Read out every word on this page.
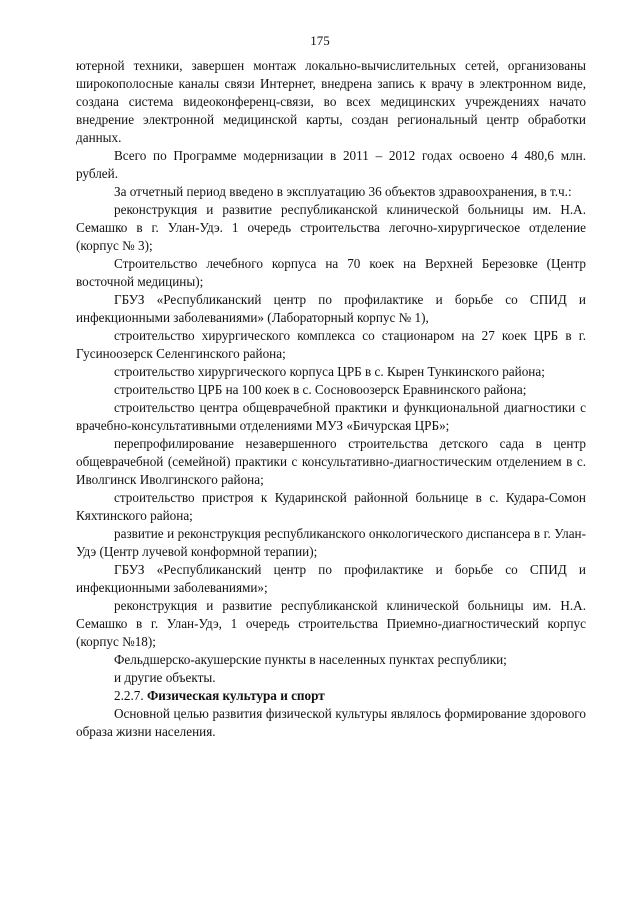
175

ютерной техники, завершен монтаж локально-вычислительных сетей, организованы широкополосные каналы связи Интернет, внедрена запись к врачу в электронном виде, создана система видеоконференц-связи, во всех медицинских учреждениях начато внедрение электронной медицинской карты, создан региональный центр обработки данных.

Всего по Программе модернизации в 2011 – 2012 годах освоено 4 480,6 млн. рублей.

За отчетный период введено в эксплуатацию 36 объектов здравоохранения, в т.ч.:

реконструкция и развитие республиканской клинической больницы им. Н.А. Семашко в г. Улан-Удэ. 1 очередь строительства легочно-хирургическое отделение (корпус № 3);

Строительство лечебного корпуса на 70 коек на Верхней Березовке (Центр восточной медицины);

ГБУЗ «Республиканский центр по профилактике и борьбе со СПИД и инфекционными заболеваниями» (Лабораторный корпус № 1),

строительство хирургического комплекса со стационаром на 27 коек ЦРБ в г. Гусиноозерск Селенгинского района;

строительство хирургического корпуса ЦРБ в с. Кырен Тункинского района;

строительство ЦРБ на 100 коек в с. Сосновоозерск Еравнинского района;

строительство центра общеврачебной практики и функциональной диагностики с врачебно-консультативными отделениями МУЗ «Бичурская ЦРБ»;

перепрофилирование незавершенного строительства детского сада в центр общеврачебной (семейной) практики с консультативно-диагностическим отделением в с. Иволгинск Иволгинского района;

строительство пристроя к Кударинской районной больнице в с. Кудара-Сомон Кяхтинского района;

развитие и реконструкция республиканского онкологического диспансера в г. Улан-Удэ (Центр лучевой конформной терапии);

ГБУЗ «Республиканский центр по профилактике и борьбе со СПИД и инфекционными заболеваниями»;

реконструкция и развитие республиканской клинической больницы им. Н.А. Семашко в г. Улан-Удэ, 1 очередь строительства Приемно-диагностический корпус (корпус №18);

Фельдшерско-акушерские пункты в населенных пунктах республики;

и другие объекты.

2.2.7. Физическая культура и спорт

Основной целью развития физической культуры являлось формирование здорового образа жизни населения.
